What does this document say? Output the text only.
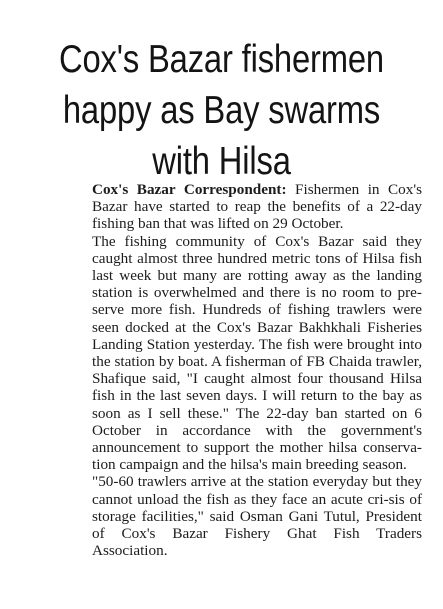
Cox's Bazar fishermen
happy as Bay swarms
with Hilsa

Cox's Bazar Correspondent: Fishermen in Cox's Bazar have started to reap the benefits of a 22-day fishing ban that was lifted on 29 October.

The fishing community of Cox's Bazar said they caught almost three hundred metric tons of Hilsa fish last week but many are rotting away as the landing station is overwhelmed and there is no room to pre-serve more fish. Hundreds of fishing trawlers were seen docked at the Cox's Bazar Bakhkhali Fisheries Landing Station yesterday. The fish were brought into the station by boat. A fisherman of FB Chaida trawler, Shafique said, "I caught almost four thousand Hilsa fish in the last seven days. I will return to the bay as soon as I sell these." The 22-day ban started on 6 October in accordance with the government's announcement to support the mother hilsa conserva-tion campaign and the hilsa's main breeding season.

"50-60 trawlers arrive at the station everyday but they cannot unload the fish as they face an acute cri-sis of storage facilities," said Osman Gani Tutul, President of Cox's Bazar Fishery Ghat Fish Traders Association.
